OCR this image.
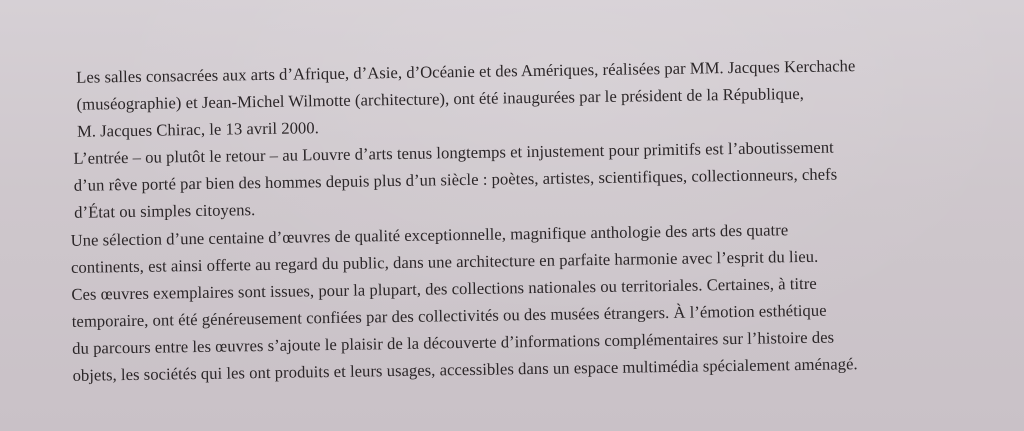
Les salles consacrées aux arts d’Afrique, d’Asie, d’Océanie et des Amériques, réalisées par MM. Jacques Kerchache
(muséographie) et Jean-Michel Wilmotte (architecture), ont été inaugurées par le président de la République,
M. Jacques Chirac, le 13 avril 2000.

L’entrée – ou plutôt le retour – au Louvre d’arts tenus longtemps et injustement pour primitifs est l’aboutissement
d’un rêve porté par bien des hommes depuis plus d’un siècle : poètes, artistes, scientifiques, collectionneurs, chefs
d’État ou simples citoyens.

Une sélection d’une centaine d’œuvres de qualité exceptionnelle, magnifique anthologie des arts des quatre
continents, est ainsi offerte au regard du public, dans une architecture en parfaite harmonie avec l’esprit du lieu.
Ces œuvres exemplaires sont issues, pour la plupart, des collections nationales ou territoriales. Certaines, à titre
temporaire, ont été généreusement confiées par des collectivités ou des musées étrangers. À l’émotion esthétique
du parcours entre les œuvres s’ajoute le plaisir de la découverte d’informations complémentaires sur l’histoire des
objets, les sociétés qui les ont produits et leurs usages, accessibles dans un espace multimédia spécialement aménagé.
